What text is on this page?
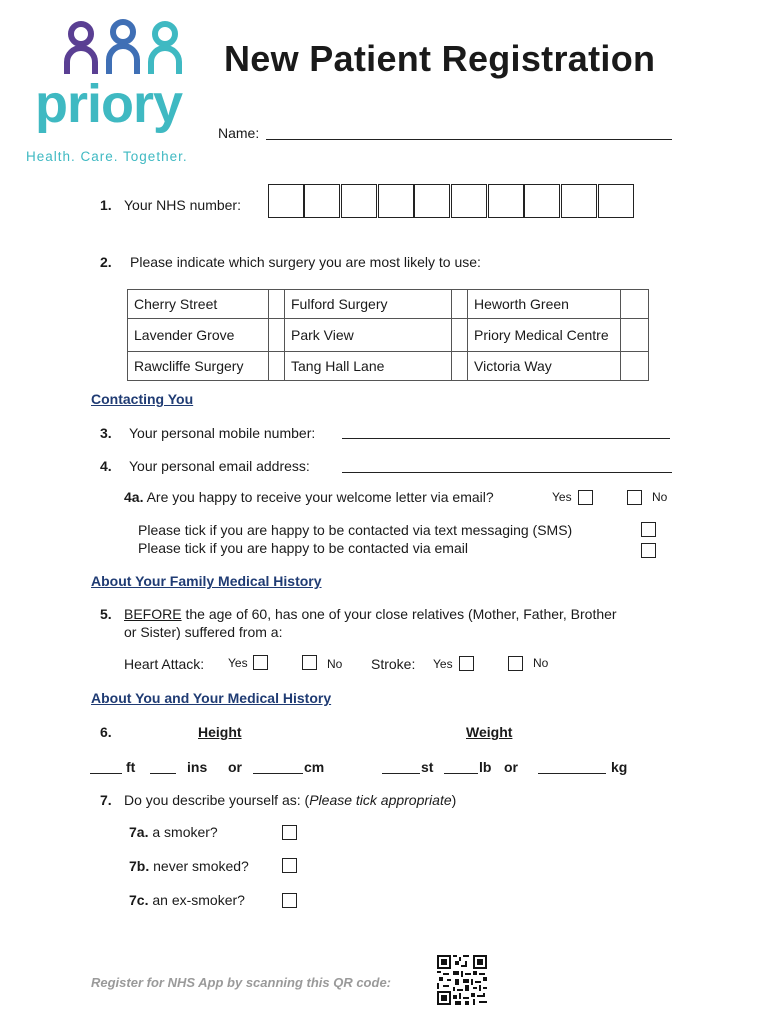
priory
Health. Care. Together.
New Patient Registration
Name:
1. Your NHS number:
2. Please indicate which surgery you are most likely to use:
Cherry Street		Fulford Surgery		Heworth Green	
Lavender Grove		Park View		Priory Medical Centre	
Rawcliffe Surgery		Tang Hall Lane		Victoria Way	
Contacting You
3. Your personal mobile number:
4. Your personal email address:
4a. Are you happy to receive your welcome letter via email?	Yes	No
Please tick if you are happy to be contacted via text messaging (SMS)
Please tick if you are happy to be contacted via email
About Your Family Medical History
5. BEFORE the age of 60, has one of your close relatives (Mother, Father, Brother
or Sister) suffered from a:
Heart Attack: Yes	No Stroke: Yes	No
About You and Your Medical History
6.	Height	Weight
ft	ins or	cm	st	lb or	kg
7. Do you describe yourself as: (Please tick appropriate)
7a. a smoker?
7b. never smoked?
7c. an ex-smoker?
Register for NHS App by scanning this QR code:
